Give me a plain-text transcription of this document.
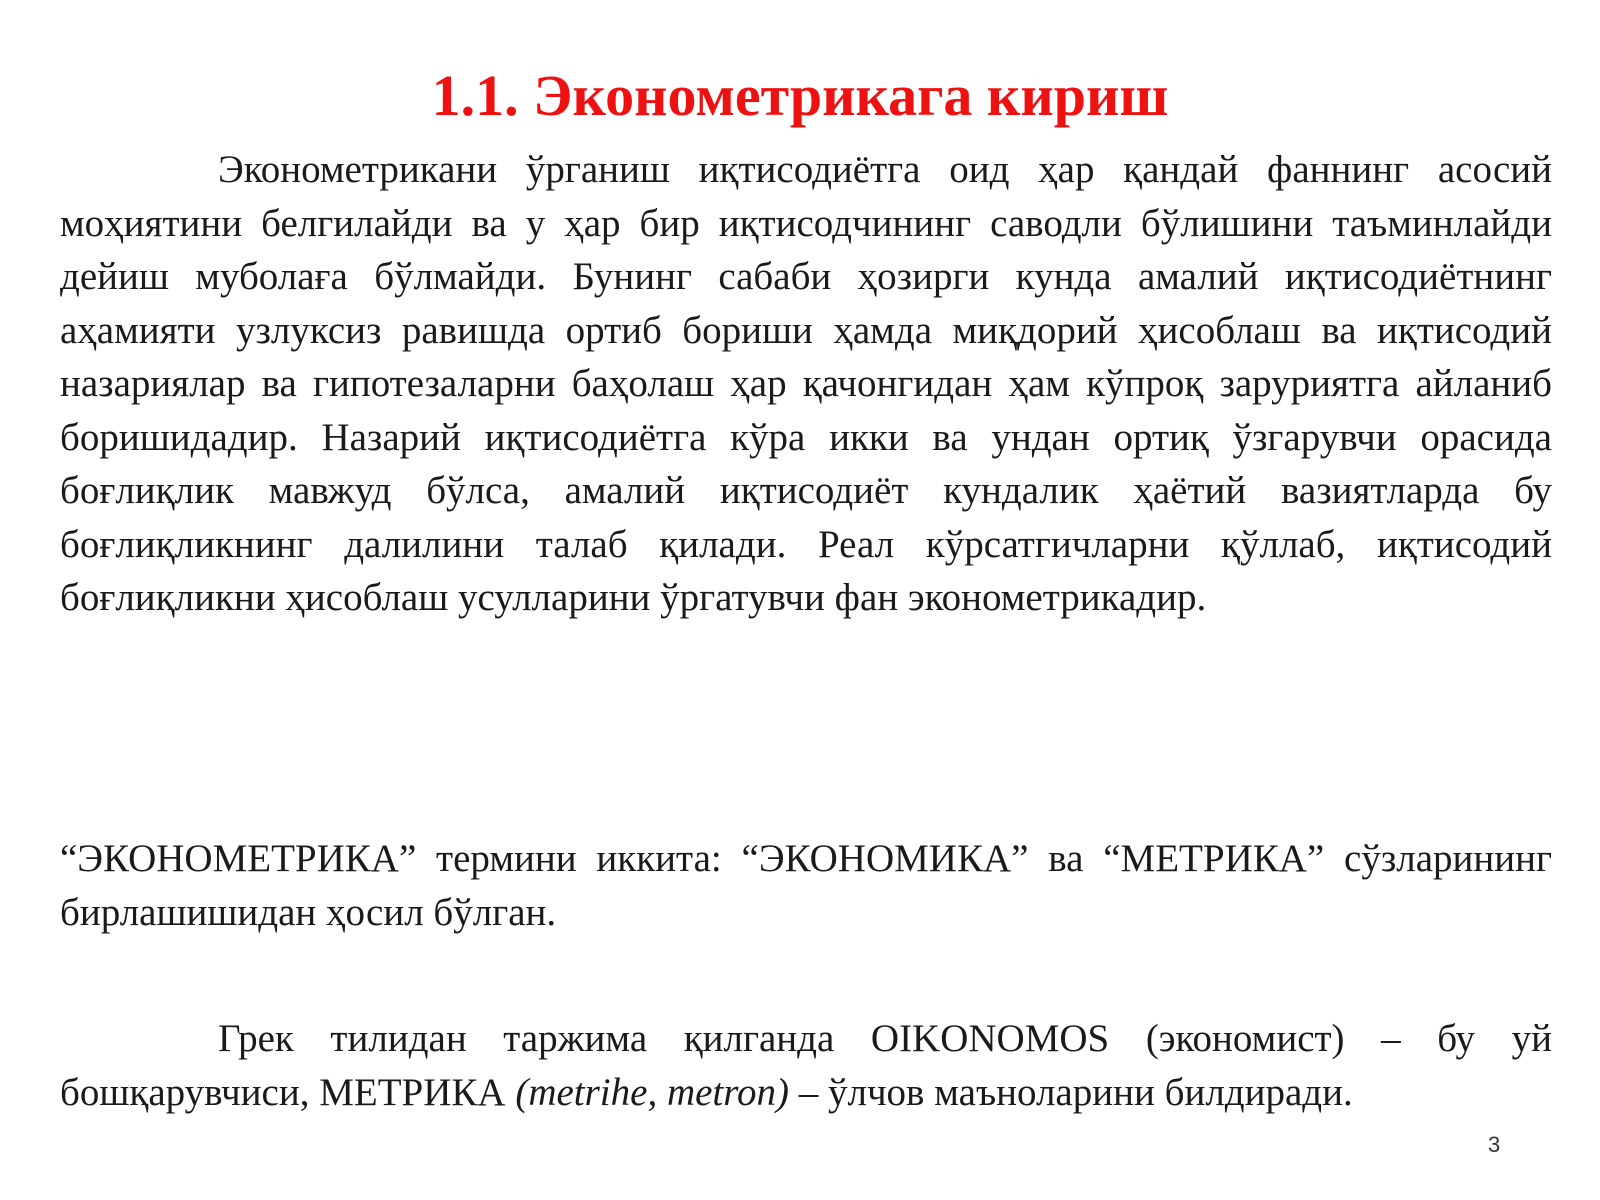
1.1. Эконометрикага кириш

Эконометрикани ўрганиш иқтисодиётга оид ҳар қандай фаннинг асосий моҳиятини белгилайди ва у ҳар бир иқтисодчининг саводли бўлишини таъминлайди дейиш муболаға бўлмайди. Бунинг сабаби ҳозирги кунда амалий иқтисодиётнинг аҳамияти узлуксиз равишда ортиб бориши ҳамда миқдорий ҳисоблаш ва иқтисодий назариялар ва гипотезаларни баҳолаш ҳар қачонгидан ҳам кўпроқ заруриятга айланиб боришидадир. Назарий иқтисодиётга кўра икки ва ундан ортиқ ўзгарувчи орасида боғлиқлик мавжуд бўлса, амалий иқтисодиёт кундалик ҳаётий вазиятларда бу боғлиқликнинг далилини талаб қилади. Реал кўрсатгичларни қўллаб, иқтисодий боғлиқликни ҳисоблаш усулларини ўргатувчи фан эконометрикадир.

“ЭКОНОМЕТРИКА” термини иккита: “ЭКОНОМИКА” ва “МЕТРИКА” сўзларининг бирлашишидан ҳосил бўлган.

Грек тилидан таржима қилганда OIKONOMOS (экономист) – бу уй бошқарувчиси, МЕТРИКА (metrihe, metron) – ўлчов маъноларини билдиради.

3
